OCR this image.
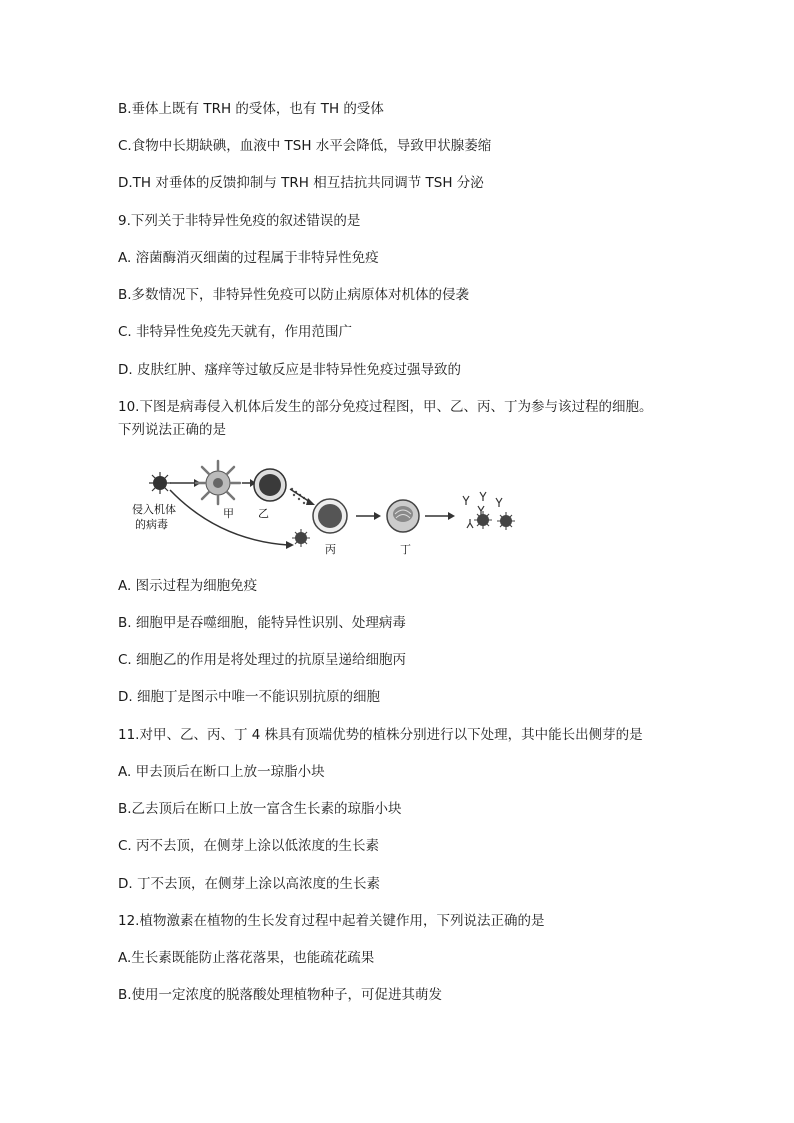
B.垂体上既有 TRH 的受体，也有 TH 的受体
C.食物中长期缺碘，血液中 TSH 水平会降低，导致甲状腺萎缩
D.TH 对垂体的反馈抑制与 TRH 相互拮抗共同调节 TSH 分泌
9.下列关于非特异性免疫的叙述错误的是
A. 溶菌酶消灭细菌的过程属于非特异性免疫
B.多数情况下，非特异性免疫可以防止病原体对机体的侵袭
C. 非特异性免疫先天就有，作用范围广
D. 皮肤红肿、瘙痒等过敏反应是非特异性免疫过强导致的
10.下图是病毒侵入机体后发生的部分免疫过程图，甲、乙、丙、丁为参与该过程的细胞。
下列说法正确的是
侵入机体
的病毒
甲 乙
丙	丁
A. 图示过程为细胞免疫
B. 细胞甲是吞噬细胞，能特异性识别、处理病毒
C. 细胞乙的作用是将处理过的抗原呈递给细胞丙
D. 细胞丁是图示中唯一不能识别抗原的细胞
11.对甲、乙、丙、丁 4 株具有顶端优势的植株分别进行以下处理，其中能长出侧芽的是
A. 甲去顶后在断口上放一琼脂小块
B.乙去顶后在断口上放一富含生长素的琼脂小块
C. 丙不去顶，在侧芽上涂以低浓度的生长素
D. 丁不去顶，在侧芽上涂以高浓度的生长素
12.植物激素在植物的生长发育过程中起着关键作用，下列说法正确的是
A.生长素既能防止落花落果，也能疏花疏果
B.使用一定浓度的脱落酸处理植物种子，可促进其萌发
